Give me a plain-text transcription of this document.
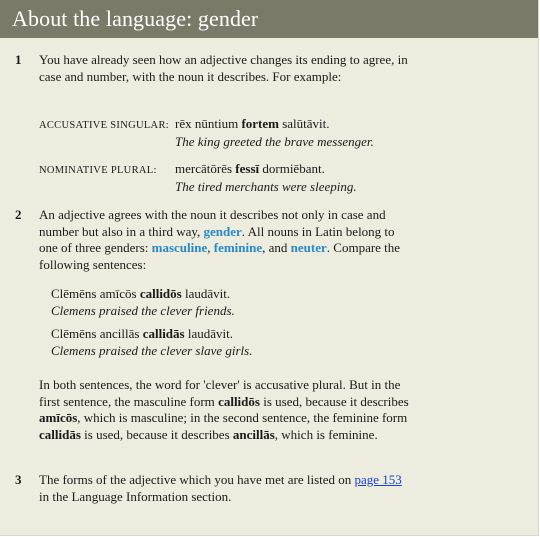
About the language: gender
1 You have already seen how an adjective changes its ending to agree, in case and number, with the noun it describes. For example:
ACCUSATIVE SINGULAR: rēx nūntium fortem salūtāvit.
The king greeted the brave messenger.
NOMINATIVE PLURAL: mercātōrēs fessī dormiēbant.
The tired merchants were sleeping.
2 An adjective agrees with the noun it describes not only in case and number but also in a third way, gender. All nouns in Latin belong to one of three genders: masculine, feminine, and neuter. Compare the following sentences:
Clēmēns amīcōs callidōs laudāvit.
Clemens praised the clever friends.
Clēmēns ancillās callidās laudāvit.
Clemens praised the clever slave girls.
In both sentences, the word for 'clever' is accusative plural. But in the first sentence, the masculine form callidōs is used, because it describes amīcōs, which is masculine; in the second sentence, the feminine form callidās is used, because it describes ancillās, which is feminine.
3 The forms of the adjective which you have met are listed on page 153 in the Language Information section.
